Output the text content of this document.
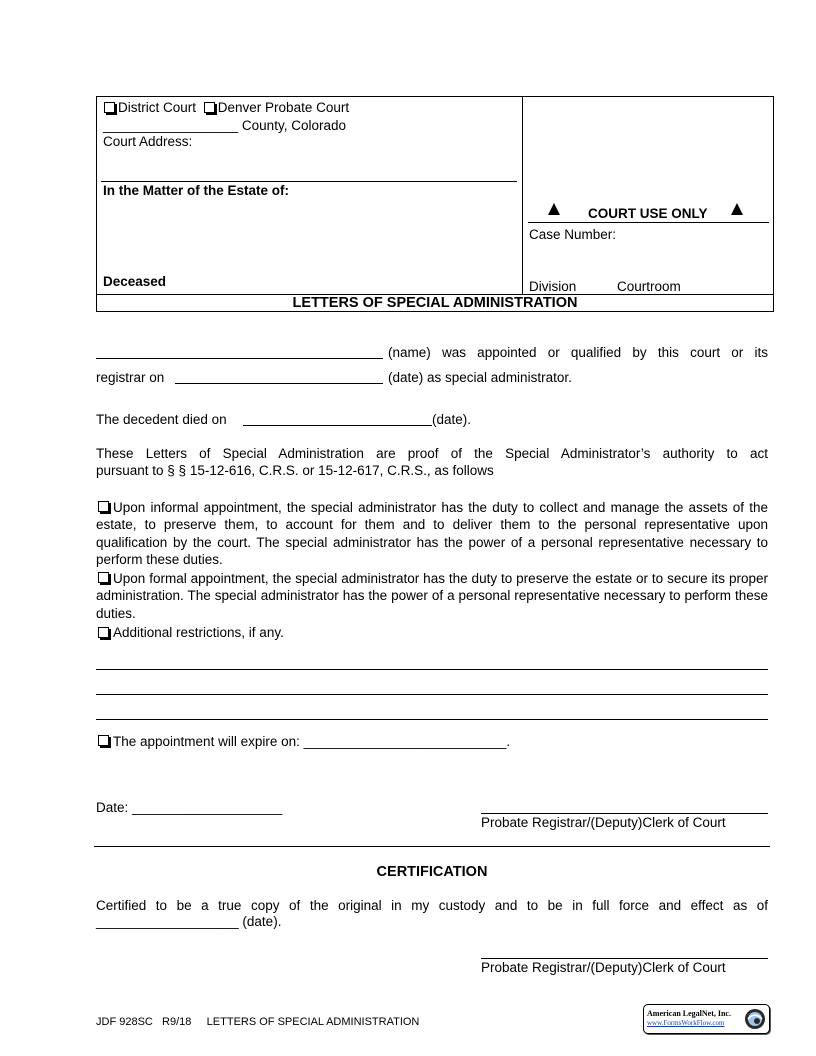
District Court Denver Probate Court
__________________ County, Colorado
Court Address:
In the Matter of the Estate of:
Deceased
COURT USE ONLY
Case Number:
Division	Courtroom
LETTERS OF SPECIAL ADMINISTRATION
(name) was appointed or qualified by this court or its
registrar on	(date) as special administrator.
The decedent died on	(date).
These Letters of Special Administration are proof of the Special Administrator’s authority to act
pursuant to § § 15-12-616, C.R.S. or 15-12-617, C.R.S., as follows
Upon informal appointment, the special administrator has the duty to collect and manage the assets of the estate, to preserve them, to account for them and to deliver them to the personal representative upon qualification by the court. The special administrator has the power of a personal representative necessary to perform these duties.
Upon formal appointment, the special administrator has the duty to preserve the estate or to secure its proper administration. The special administrator has the power of a personal representative necessary to perform these duties.
Additional restrictions, if any.
The appointment will expire on: ___________________________.
Date: ____________________
Probate Registrar/(Deputy)Clerk of Court
CERTIFICATION
Certified to be a true copy of the original in my custody and to be in full force and effect as of
___________________ (date).
Probate Registrar/(Deputy)Clerk of Court
JDF 928SC R9/18 LETTERS OF SPECIAL ADMINISTRATION
American LegalNet, Inc.
www.FormsWorkFlow.com
